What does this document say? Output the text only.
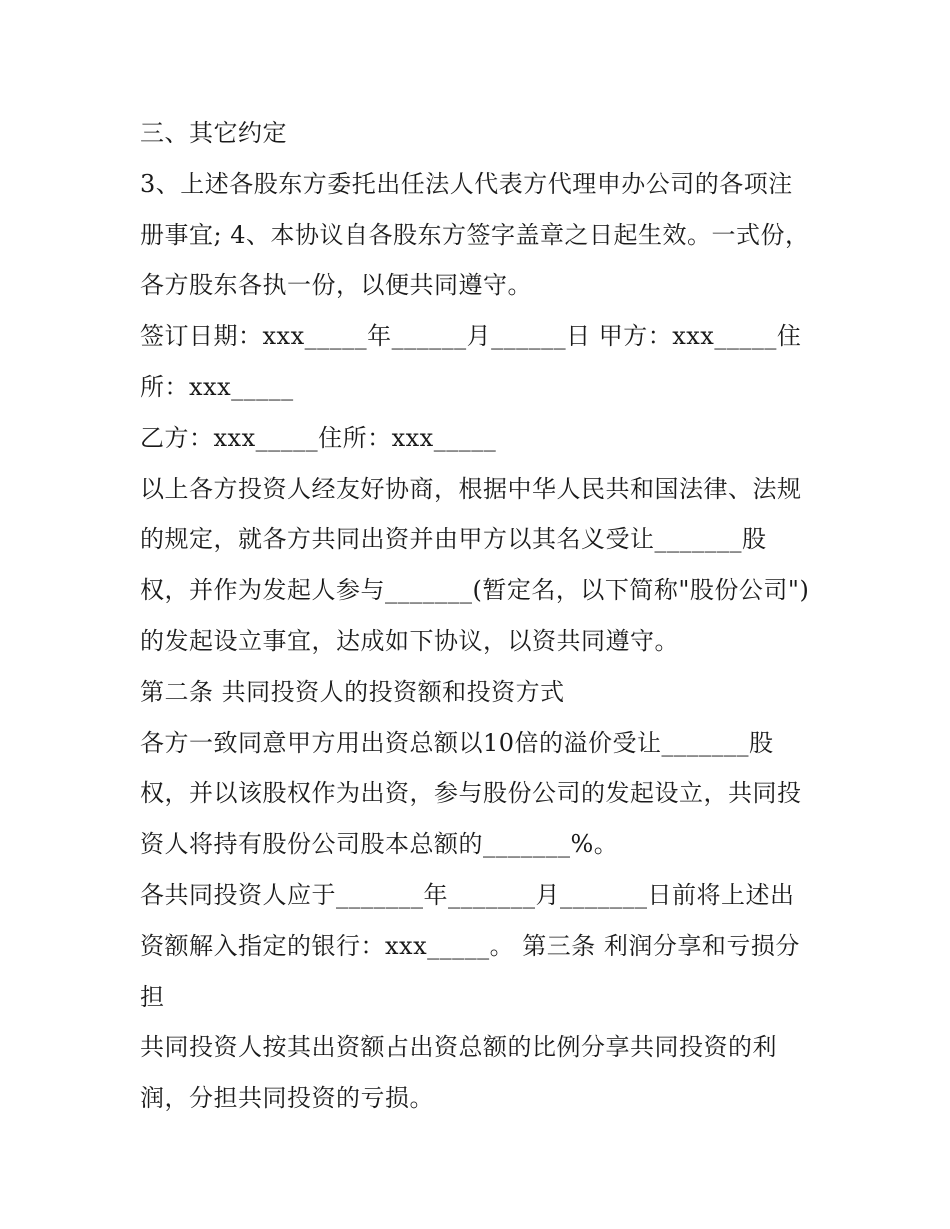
三、其它约定
3、上述各股东方委托出任法人代表方代理申办公司的各项注
册事宜; 4、本协议自各股东方签字盖章之日起生效。一式份，
各方股东各执一份，以便共同遵守。
签订日期：xxx_____年______月______日 甲方：xxx_____住
所：xxx_____
乙方：xxx_____住所：xxx_____
以上各方投资人经友好协商，根据中华人民共和国法律、法规
的规定，就各方共同出资并由甲方以其名义受让_______股
权，并作为发起人参与_______(暂定名，以下简称"股份公司")
的发起设立事宜，达成如下协议，以资共同遵守。
第二条 共同投资人的投资额和投资方式
各方一致同意甲方用出资总额以10倍的溢价受让_______股
权，并以该股权作为出资，参与股份公司的发起设立，共同投
资人将持有股份公司股本总额的_______%。
各共同投资人应于_______年_______月_______日前将上述出
资额解入指定的银行：xxx_____。 第三条 利润分享和亏损分
担
共同投资人按其出资额占出资总额的比例分享共同投资的利
润，分担共同投资的亏损。
